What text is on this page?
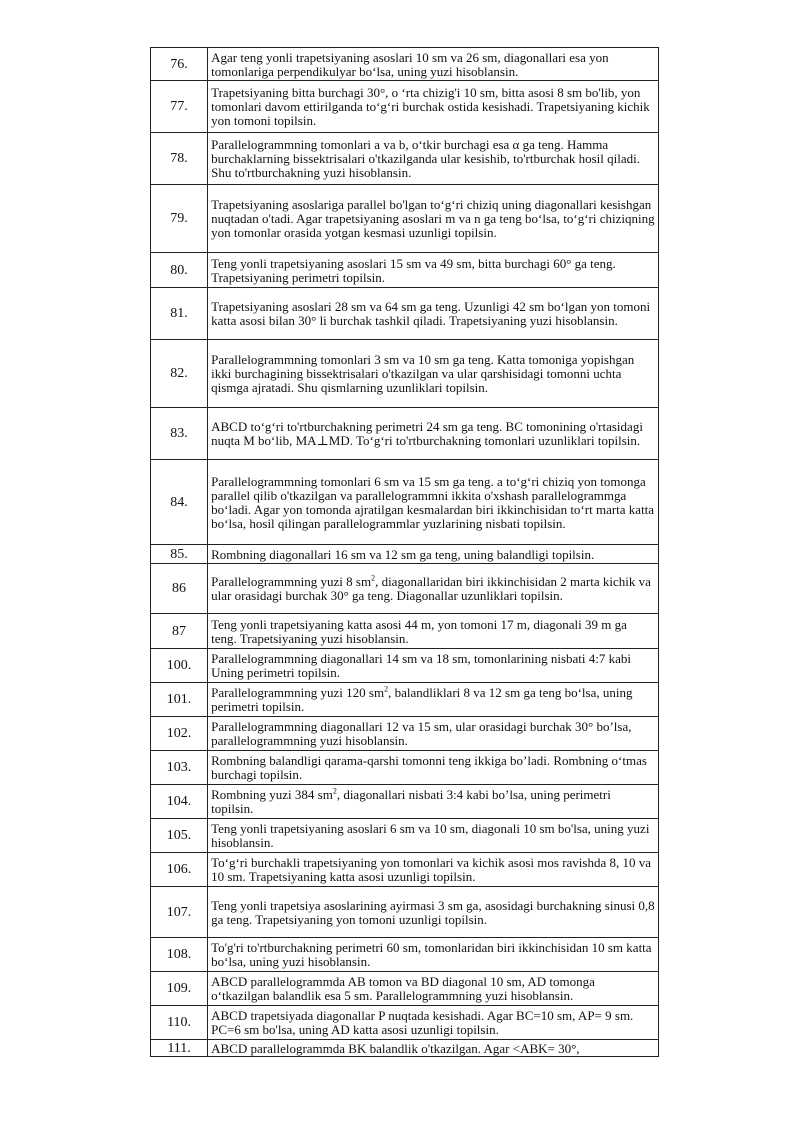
76.	Agar teng yonli trapetsiyaning asoslari 10 sm va 26 sm, diagonallari esa yon tomonlariga perpendikulyar bo‘lsa, uning yuzi hisoblansin.
77.	Trapetsiyaning bitta burchagi 30°, o ‘rta chizig'i 10 sm, bitta asosi 8 sm bo'lib, yon tomonlari davom ettirilganda to‘g‘ri burchak ostida kesishadi. Trapetsiyaning kichik yon tomoni topilsin.
78.	Parallelogrammning tomonlari a va b, o‘tkir burchagi esa α ga teng. Hamma burchaklarning bissektrisalari o'tkazilganda ular kesishib, to'rtburchak hosil qiladi. Shu to'rtburchakning yuzi hisoblansin.
79.	Trapetsiyaning asoslariga parallel bo'lgan to‘g‘ri chiziq uning diagonallari kesishgan nuqtadan o'tadi. Agar trapetsiyaning asoslari m va n ga teng bo‘lsa, to‘g‘ri chiziqning yon tomonlar orasida yotgan kesmasi uzunligi topilsin.
80.	Teng yonli trapetsiyaning asoslari 15 sm va 49 sm, bitta burchagi 60° ga teng. Trapetsiyaning perimetri topilsin.
81.	Trapetsiyaning asoslari 28 sm va 64 sm ga teng. Uzunligi 42 sm bo‘lgan yon tomoni katta asosi bilan 30° li burchak tashkil qiladi. Trapetsiyaning yuzi hisoblansin.
82.	Parallelogrammning tomonlari 3 sm va 10 sm ga teng. Katta tomoniga yopishgan ikki burchagining bissektrisalari o'tkazilgan va ular qarshisidagi tomonni uchta qismga ajratadi. Shu qismlarning uzunliklari topilsin.
83.	ABCD to‘g‘ri to'rtburchakning perimetri 24 sm ga teng. BC tomonining o'rtasidagi nuqta M bo‘lib, MA⊥MD. To‘g‘ri to'rtburchakning tomonlari uzunliklari topilsin.
84.	Parallelogrammning tomonlari 6 sm va 15 sm ga teng. a to‘g‘ri chiziq yon tomonga parallel qilib o'tkazilgan va parallelogrammni ikkita o'xshash parallelogrammga bo‘ladi. Agar yon tomonda ajratilgan kesmalardan biri ikkinchisidan to‘rt marta katta bo‘lsa, hosil qilingan parallelogrammlar yuzlarining nisbati topilsin.
85.	Rombning diagonallari 16 sm va 12 sm ga teng, uning balandligi topilsin.
86	Parallelogrammning yuzi 8 $sm^2$, diagonallaridan biri ikkinchisidan 2 marta kichik va ular orasidagi burchak 30° ga teng. Diagonallar uzunliklari topilsin.
87	Teng yonli trapetsiyaning katta asosi 44 m, yon tomoni 17 m, diagonali 39 m ga teng. Trapetsiyaning yuzi hisoblansin.
100.	Parallelogrammning diagonallari 14 sm va 18 sm, tomonlarining nisbati 4:7 kabi Uning perimetri topilsin.
101.	Parallelogrammning yuzi 120 $sm^2$, balandliklari 8 va 12 sm ga teng bo‘lsa, uning perimetri topilsin.
102.	Parallelogrammning diagonallari 12 va 15 sm, ular orasidagi burchak 30° bo’lsa, parallelogrammning yuzi hisoblansin.
103.	Rombning balandligi qarama-qarshi tomonni teng ikkiga bo’ladi. Rombning o‘tmas burchagi topilsin.
104.	Rombning yuzi 384 $sm^2$, diagonallari nisbati 3:4 kabi bo’lsa, uning perimetri topilsin.
105.	Teng yonli trapetsiyaning asoslari 6 sm va 10 sm, diagonali 10 sm bo'lsa, uning yuzi hisoblansin.
106.	To‘g‘ri burchakli trapetsiyaning yon tomonlari va kichik asosi mos ravishda 8, 10 va 10 sm. Trapetsiyaning katta asosi uzunligi topilsin.
107.	Teng yonli trapetsiya asoslarining ayirmasi 3 sm ga, asosidagi burchakning sinusi 0,8 ga teng. Trapetsiyaning yon tomoni uzunligi topilsin.
108.	To'g'ri to'rtburchakning perimetri 60 sm, tomonlaridan biri ikkinchisidan 10 sm katta bo‘lsa, uning yuzi hisoblansin.
109.	ABCD parallelogrammda AB tomon va BD diagonal 10 sm, AD tomonga o‘tkazilgan balandlik esa 5 sm. Parallelogrammning yuzi hisoblansin.
110.	ABCD trapetsiyada diagonallar P nuqtada kesishadi. Agar BC=10 sm, AP= 9 sm. PC=6 sm bo'lsa, uning AD katta asosi uzunligi topilsin.
111.	ABCD parallelogrammda BK balandlik o'tkazilgan. Agar <ABK= 30°,
